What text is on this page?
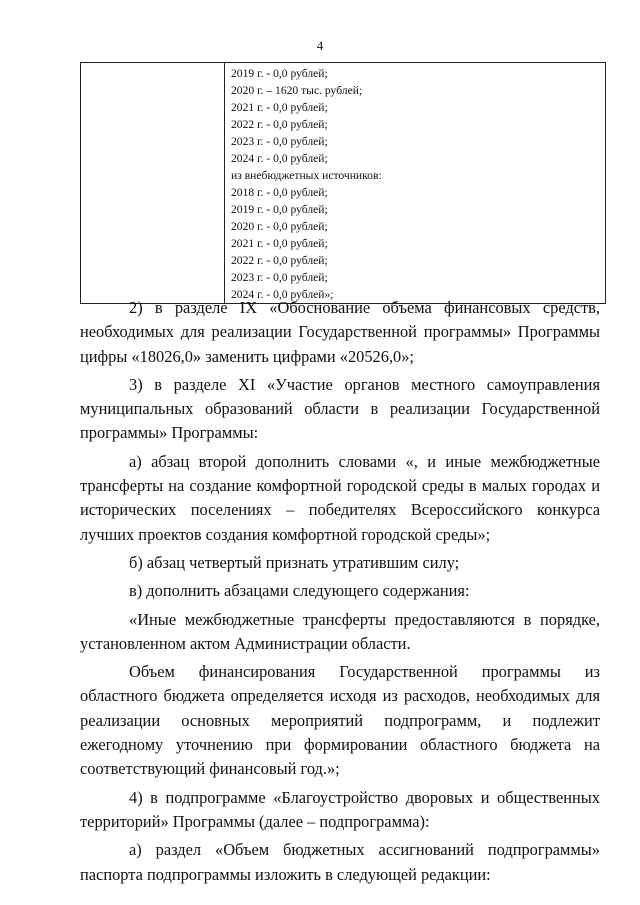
4

2019 г. - 0,0 рублей;
2020 г. – 1620 тыс. рублей;
2021 г. - 0,0 рублей;
2022 г. - 0,0 рублей;
2023 г. - 0,0 рублей;
2024 г. - 0,0 рублей;
из внебюджетных источников:
2018 г. - 0,0 рублей;
2019 г. - 0,0 рублей;
2020 г. - 0,0 рублей;
2021 г. - 0,0 рублей;
2022 г. - 0,0 рублей;
2023 г. - 0,0 рублей;
2024 г. - 0,0 рублей»;

2) в разделе IX «Обоснование объема финансовых средств, необходимых для реализации Государственной программы» Программы цифры «18026,0» заменить цифрами «20526,0»;

3) в разделе XI «Участие органов местного самоуправления муниципальных образований области в реализации Государственной программы» Программы:

а) абзац второй дополнить словами «, и иные межбюджетные трансферты на создание комфортной городской среды в малых городах и исторических поселениях – победителях Всероссийского конкурса лучших проектов создания комфортной городской среды»;

б) абзац четвертый признать утратившим силу;

в) дополнить абзацами следующего содержания:

«Иные межбюджетные трансферты предоставляются в порядке, установленном актом Администрации области.

Объем финансирования Государственной программы из областного бюджета определяется исходя из расходов, необходимых для реализации основных мероприятий подпрограмм, и подлежит ежегодному уточнению при формировании областного бюджета на соответствующий финансовый год.»;

4) в подпрограмме «Благоустройство дворовых и общественных территорий» Программы (далее – подпрограмма):

а) раздел «Объем бюджетных ассигнований подпрограммы» паспорта подпрограммы изложить в следующей редакции:
